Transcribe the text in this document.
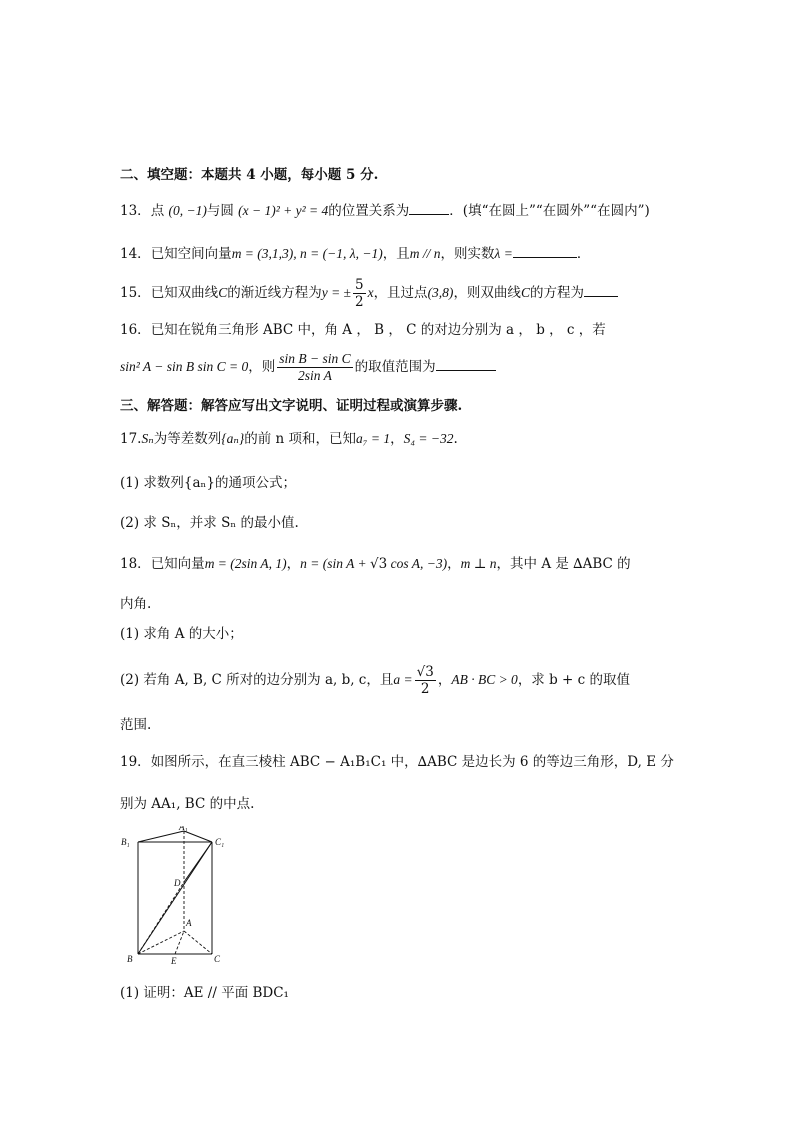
二、填空题：本题共 4 小题，每小题 5 分.
13．点 (0, −1)与圆 (x − 1)² + y² = 4的位置关系为	．(填“在圆上”“在圆外”“在圆内”)
14．已知空间向量m = (3,1,3), n = (−1, λ, −1)，且m // n，则实数λ =	．
15．已知双曲线C的渐近线方程为y = ± $\frac{5}{2}$ x，且过点(3,8)，则双曲线C的方程为
16．已知在锐角三角形 ABC 中，角 A ， B ， C 的对边分别为 a ， b ， c ，若
sin² A − sin B sin C = 0，则 $\frac{\text{sin B − sin C}}{\text{2sin A}}$ 的取值范围为
三、解答题：解答应写出文字说明、证明过程或演算步骤.
17.Sₙ为等差数列{aₙ}的前 n 项和，已知a₇ = 1，S₄ = −32.
(1) 求数列{aₙ}的通项公式；
(2) 求 Sₙ，并求 Sₙ 的最小值.
18．已知向量m = (2sin A, 1)，n = (sin A + √3 cos A, −3)，m ⊥ n，其中 A 是 ∆ABC 的
内角.
(1) 求角 A 的大小；
(2) 若角 A, B, C 所对的边分别为 a, b, c，且$a = \frac{√3}{2}$ ，AB · BC > 0，求 b + c 的取值
范围.
19．如图所示，在直三棱柱 ABC − A₁B₁C₁ 中，∆ABC 是边长为 6 的等边三角形，D, E 分
别为 AA₁, BC 的中点.
A₁
B₁	C₁
D
A
B	C
E
(1) 证明：AE // 平面 BDC₁
